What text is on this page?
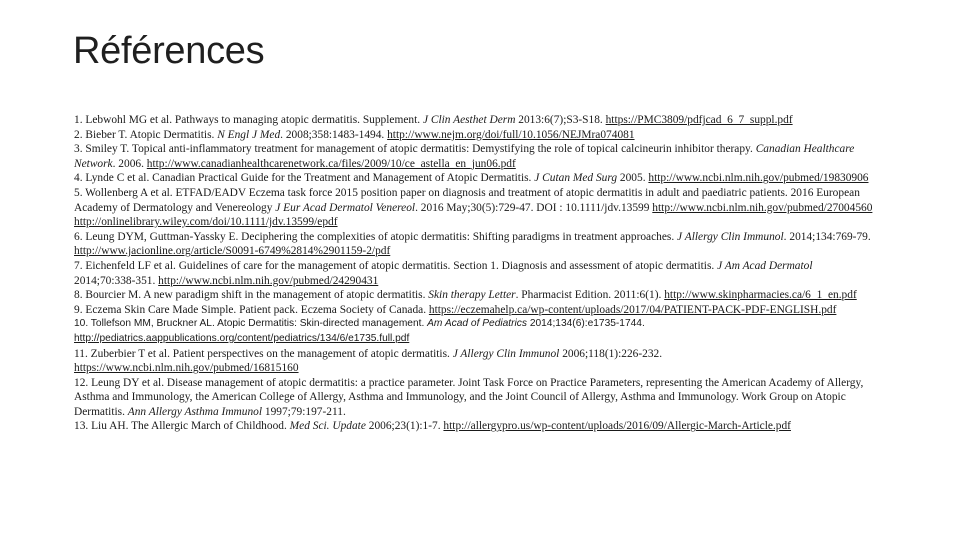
Références
1. Lebwohl MG et al. Pathways to managing atopic dermatitis. Supplement. J Clin Aesthet Derm 2013:6(7);S3-S18. https://PMC3809/pdfjcad_6_7_suppl.pdf
2. Bieber T. Atopic Dermatitis. N Engl J Med. 2008;358:1483-1494. http://www.nejm.org/doi/full/10.1056/NEJMra074081
3. Smiley T. Topical anti-inflammatory treatment for management of atopic dermatitis: Demystifying the role of topical calcineurin inhibitor therapy. Canadian Healthcare Network. 2006. http://www.canadianhealthcarenetwork.ca/files/2009/10/ce_astella_en_jun06.pdf
4. Lynde C et al. Canadian Practical Guide for the Treatment and Management of Atopic Dermatitis. J Cutan Med Surg 2005. http://www.ncbi.nlm.nih.gov/pubmed/19830906
5. Wollenberg A et al. ETFAD/EADV Eczema task force 2015 position paper on diagnosis and treatment of atopic dermatitis in adult and paediatric patients. 2016 European Academy of Dermatology and Venereology J Eur Acad Dermatol Venereol. 2016 May;30(5):729-47. DOI : 10.1111/jdv.13599 http://www.ncbi.nlm.nih.gov/pubmed/27004560 http://onlinelibrary.wiley.com/doi/10.1111/jdv.13599/epdf
6. Leung DYM, Guttman-Yassky E. Deciphering the complexities of atopic dermatitis: Shifting paradigms in treatment approaches. J Allergy Clin Immunol. 2014;134:769-79. http://www.jacionline.org/article/S0091-6749%2814%2901159-2/pdf
7. Eichenfeld LF et al. Guidelines of care for the management of atopic dermatitis. Section 1. Diagnosis and assessment of atopic dermatitis. J Am Acad Dermatol 2014;70:338-351. http://www.ncbi.nlm.nih.gov/pubmed/24290431
8. Bourcier M. A new paradigm shift in the management of atopic dermatitis. Skin therapy Letter. Pharmacist Edition. 2011:6(1). http://www.skinpharmacies.ca/6_1_en.pdf
9. Eczema Skin Care Made Simple. Patient pack. Eczema Society of Canada. https://eczemahelp.ca/wp-content/uploads/2017/04/PATIENT-PACK-PDF-ENGLISH.pdf
10. Tollefson MM, Bruckner AL. Atopic Dermatitis: Skin-directed management. Am Acad of Pediatrics 2014;134(6):e1735-1744. http://pediatrics.aappublications.org/content/pediatrics/134/6/e1735.full.pdf
11. Zuberbier T et al. Patient perspectives on the management of atopic dermatitis. J Allergy Clin Immunol 2006;118(1):226-232. https://www.ncbi.nlm.nih.gov/pubmed/16815160
12. Leung DY et al. Disease management of atopic dermatitis: a practice parameter. Joint Task Force on Practice Parameters, representing the American Academy of Allergy, Asthma and Immunology, the American College of Allergy, Asthma and Immunology, and the Joint Council of Allergy, Asthma and Immunology. Work Group on Atopic Dermatitis. Ann Allergy Asthma Immunol 1997;79:197-211.
13. Liu AH. The Allergic March of Childhood. Med Sci. Update 2006;23(1):1-7. http://allergypro.us/wp-content/uploads/2016/09/Allergic-March-Article.pdf
